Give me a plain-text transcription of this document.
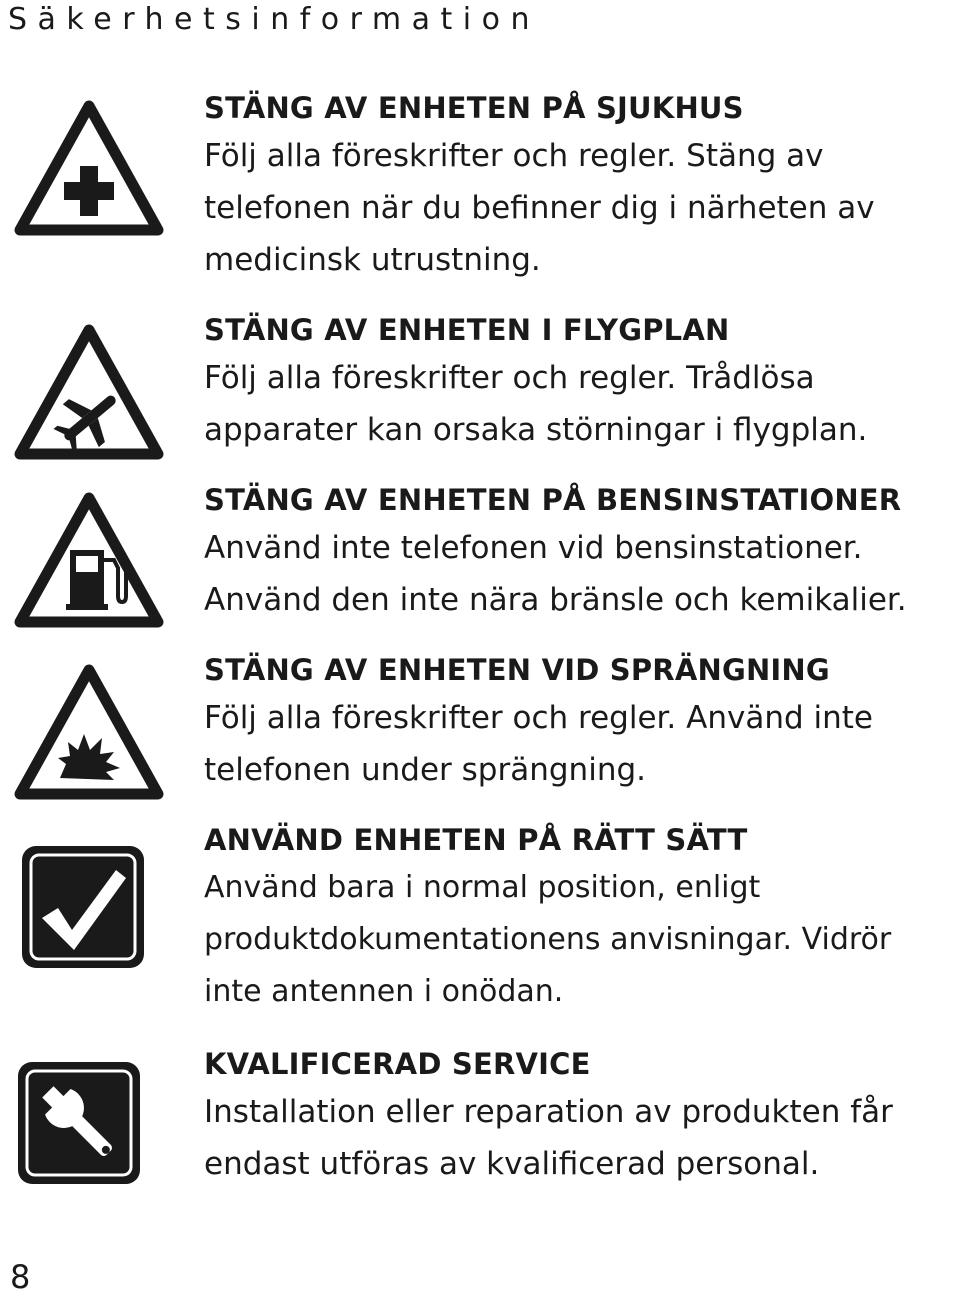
Säkerhetsinformation
STÄNG AV ENHETEN PÅ SJUKHUS
Följ alla föreskrifter och regler. Stäng av
telefonen när du befinner dig i närheten av
medicinsk utrustning.
STÄNG AV ENHETEN I FLYGPLAN
Följ alla föreskrifter och regler. Trådlösa
apparater kan orsaka störningar i flygplan.
STÄNG AV ENHETEN PÅ BENSINSTATIONER
Använd inte telefonen vid bensinstationer.
Använd den inte nära bränsle och kemikalier.
STÄNG AV ENHETEN VID SPRÄNGNING
Följ alla föreskrifter och regler. Använd inte
telefonen under sprängning.
ANVÄND ENHETEN PÅ RÄTT SÄTT
Använd bara i normal position, enligt
produktdokumentationens anvisningar. Vidrör
inte antennen i onödan.
KVALIFICERAD SERVICE
Installation eller reparation av produkten får
endast utföras av kvalificerad personal.
8
